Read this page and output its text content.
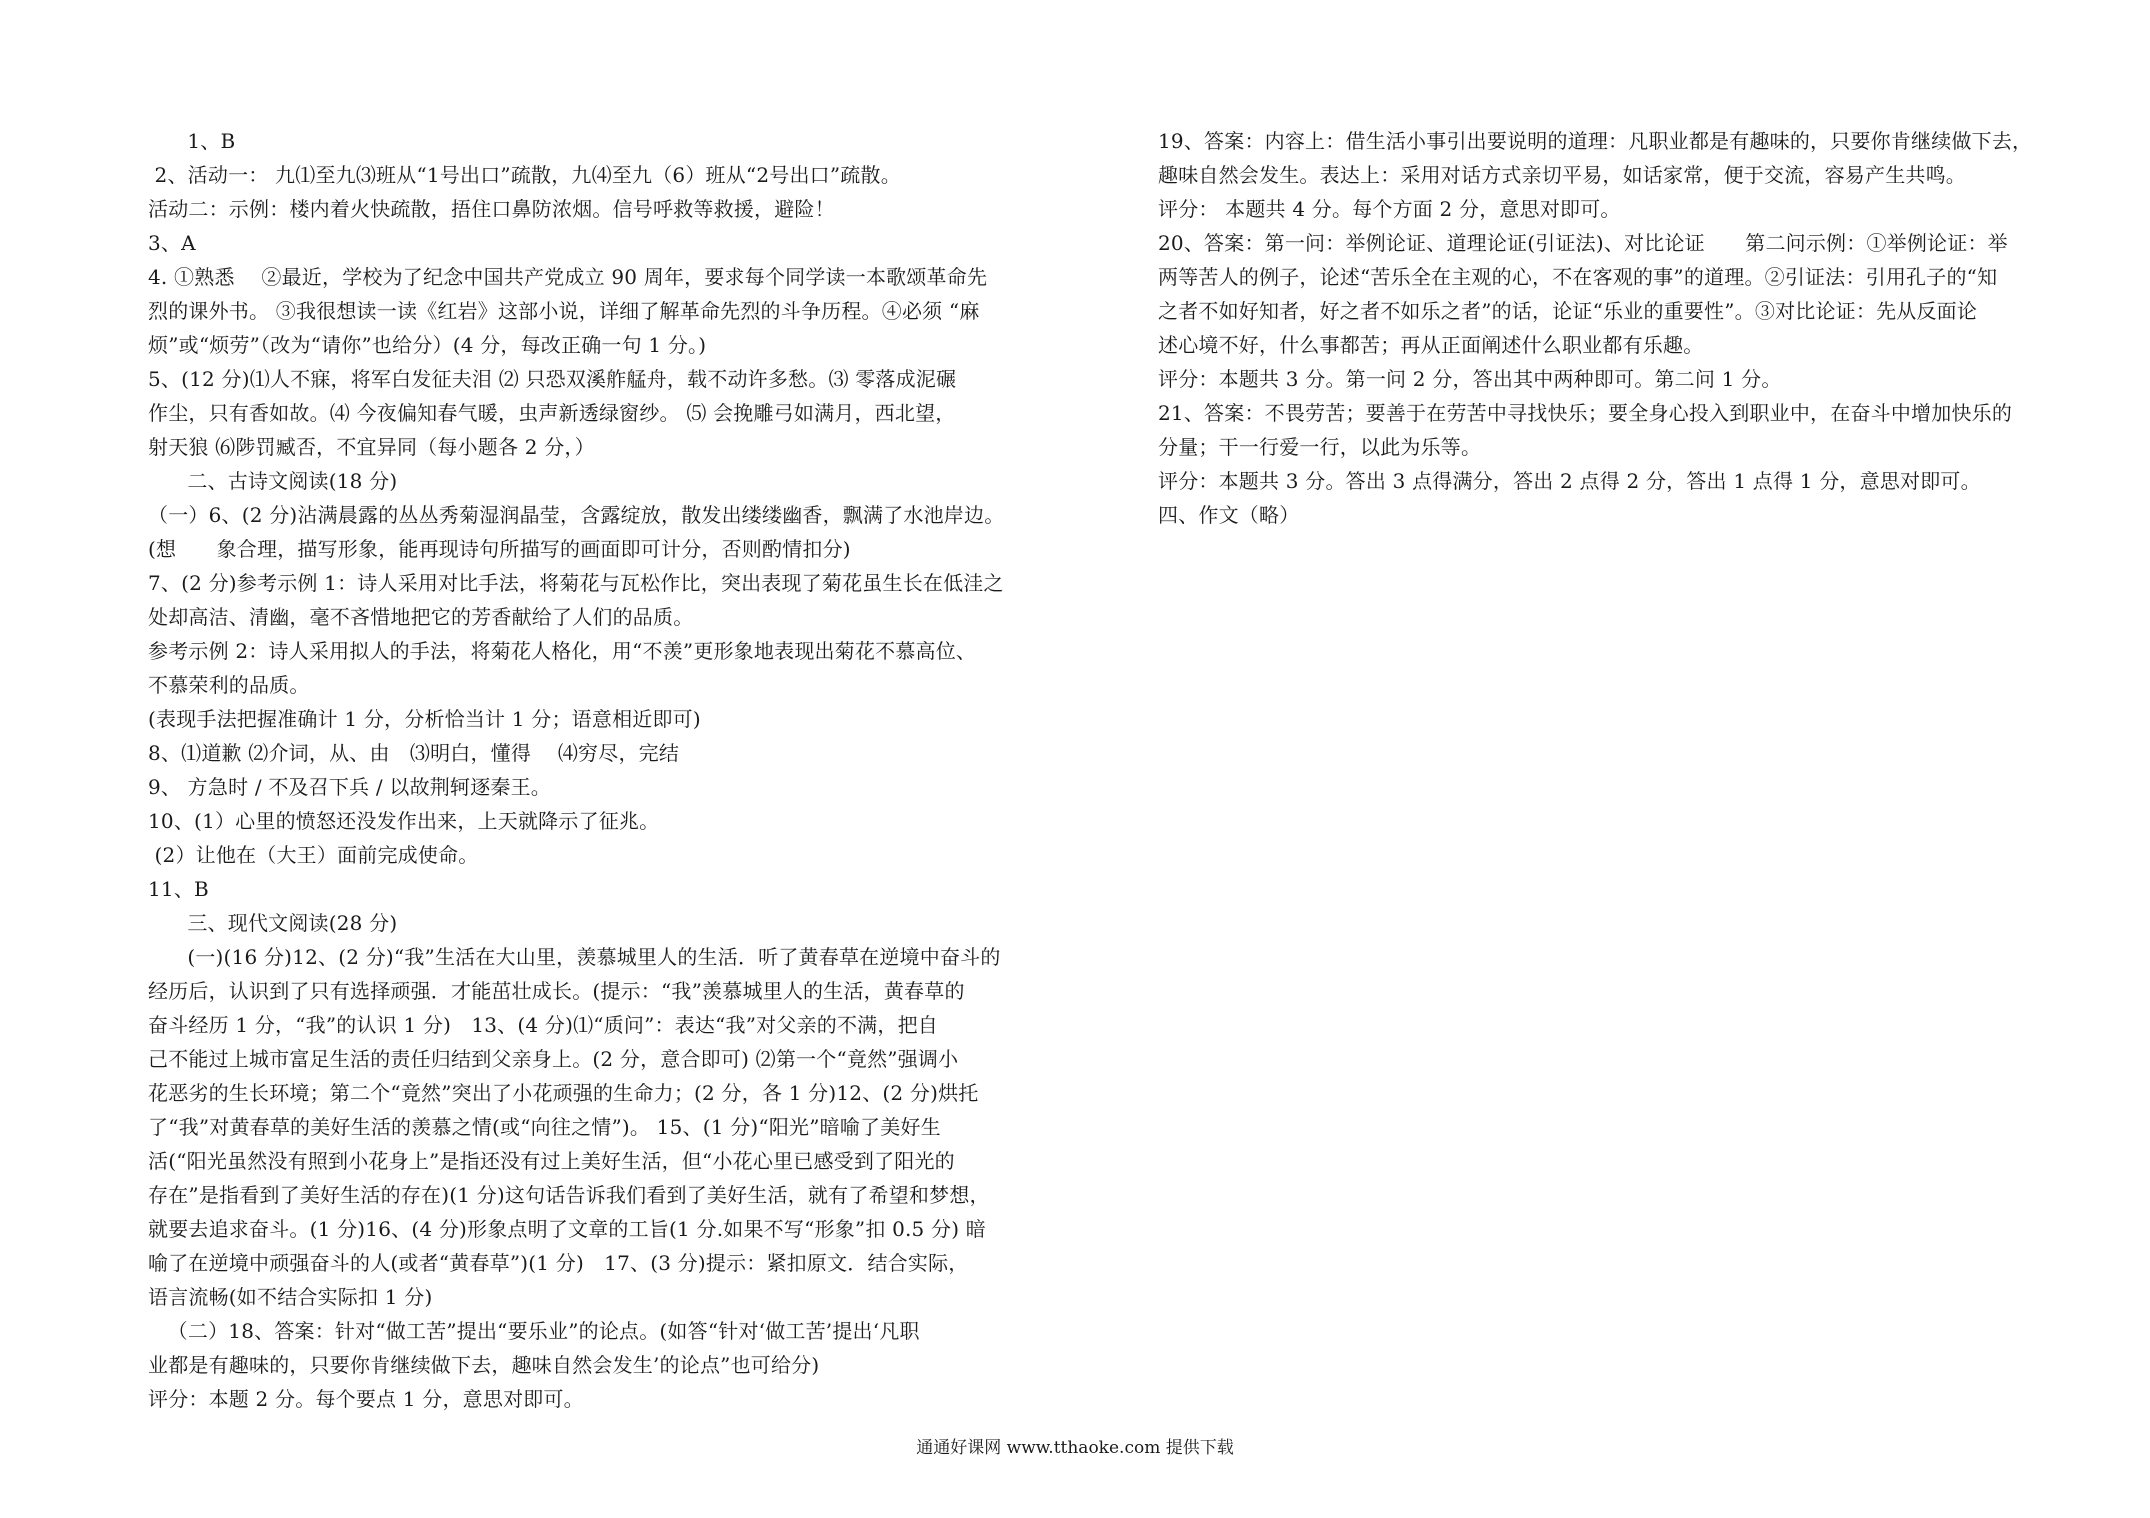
1、B
2、活动一： 九⑴至九⑶班从“1号出口”疏散，九⑷至九（6）班从“2号出口”疏散。
活动二：示例：楼内着火快疏散，捂住口鼻防浓烟。信号呼救等救援，避险！
3、A
4. ①熟悉　 ②最近，学校为了纪念中国共产党成立 90 周年，要求每个同学读一本歌颂革命先
烈的课外书。 ③我很想读一读《红岩》这部小说，详细了解革命先烈的斗争历程。④必须 “麻
烦”或“烦劳”（改为“请你”也给分）(4 分，每改正确一句 1 分。)
5、(12 分)⑴人不寐，将军白发征夫泪 ⑵ 只恐双溪舴艋舟，载不动许多愁。⑶ 零落成泥碾
作尘，只有香如故。⑷ 今夜偏知春气暖，虫声新透绿窗纱。 ⑸ 会挽雕弓如满月，西北望，
射天狼 ⑹陟罚臧否，不宜异同（每小题各 2 分，）
二、古诗文阅读(18 分)
（一）6、(2 分)沾满晨露的丛丛秀菊湿润晶莹，含露绽放，散发出缕缕幽香，飘满了水池岸边。
(想　　象合理，描写形象，能再现诗句所描写的画面即可计分，否则酌情扣分)
7、(2 分)参考示例 1：诗人采用对比手法，将菊花与瓦松作比，突出表现了菊花虽生长在低洼之
处却高洁、清幽，毫不吝惜地把它的芳香献给了人们的品质。
参考示例 2：诗人采用拟人的手法，将菊花人格化，用“不羡”更形象地表现出菊花不慕高位、
不慕荣利的品质。
(表现手法把握准确计 1 分，分析恰当计 1 分；语意相近即可)
8、⑴道歉 ⑵介词，从、由　⑶明白，懂得　 ⑷穷尽，完结
9、 方急时 / 不及召下兵 / 以故荆轲逐秦王。
10、(1）心里的愤怒还没发作出来，上天就降示了征兆。
(2）让他在（大王）面前完成使命。
11、B
三、现代文阅读(28 分)
(一)(16 分)12、(2 分)“我”生活在大山里，羡慕城里人的生活．听了黄春草在逆境中奋斗的
经历后，认识到了只有选择顽强．才能茁壮成长。(提示：“我”羡慕城里人的生活，黄春草的
奋斗经历 1 分，“我”的认识 1 分)　13、(4 分)⑴“质问”：表达“我”对父亲的不满，把自
己不能过上城市富足生活的责任归结到父亲身上。(2 分，意合即可) ⑵第一个“竟然”强调小
花恶劣的生长环境；第二个“竟然”突出了小花顽强的生命力；(2 分，各 1 分)12、(2 分)烘托
了“我”对黄春草的美好生活的羡慕之情(或“向往之情”)。 15、(1 分)“阳光”暗喻了美好生
活(“阳光虽然没有照到小花身上”是指还没有过上美好生活，但“小花心里已感受到了阳光的
存在”是指看到了美好生活的存在)(1 分)这句话告诉我们看到了美好生活，就有了希望和梦想，
就要去追求奋斗。(1 分)16、(4 分)形象点明了文章的工旨(1 分.如果不写“形象”扣 0.5 分) 暗
喻了在逆境中顽强奋斗的人(或者“黄春草”)(1 分)　17、(3 分)提示：紧扣原文．结合实际，
语言流畅(如不结合实际扣 1 分)
（二）18、答案：针对“做工苦”提出“要乐业”的论点。(如答“针对‘做工苦’提出‘凡职
业都是有趣味的，只要你肯继续做下去，趣味自然会发生’的论点”也可给分)
评分：本题 2 分。每个要点 1 分，意思对即可。
19、答案：内容上：借生活小事引出要说明的道理：凡职业都是有趣味的，只要你肯继续做下去，
趣味自然会发生。表达上：采用对话方式亲切平易，如话家常，便于交流，容易产生共鸣。
评分： 本题共 4 分。每个方面 2 分，意思对即可。
20、答案：第一问：举例论证、道理论证(引证法)、对比论证　　第二问示例：①举例论证：举
两等苦人的例子，论述“苦乐全在主观的心，不在客观的事”的道理。②引证法：引用孔子的“知
之者不如好知者，好之者不如乐之者”的话，论证“乐业的重要性”。③对比论证：先从反面论
述心境不好，什么事都苦；再从正面阐述什么职业都有乐趣。
评分：本题共 3 分。第一问 2 分，答出其中两种即可。第二问 1 分。
21、答案：不畏劳苦；要善于在劳苦中寻找快乐；要全身心投入到职业中，在奋斗中增加快乐的
分量；干一行爱一行，以此为乐等。
评分：本题共 3 分。答出 3 点得满分，答出 2 点得 2 分，答出 1 点得 1 分，意思对即可。
四、作文（略）
通通好课网 www.tthaoke.com 提供下载
